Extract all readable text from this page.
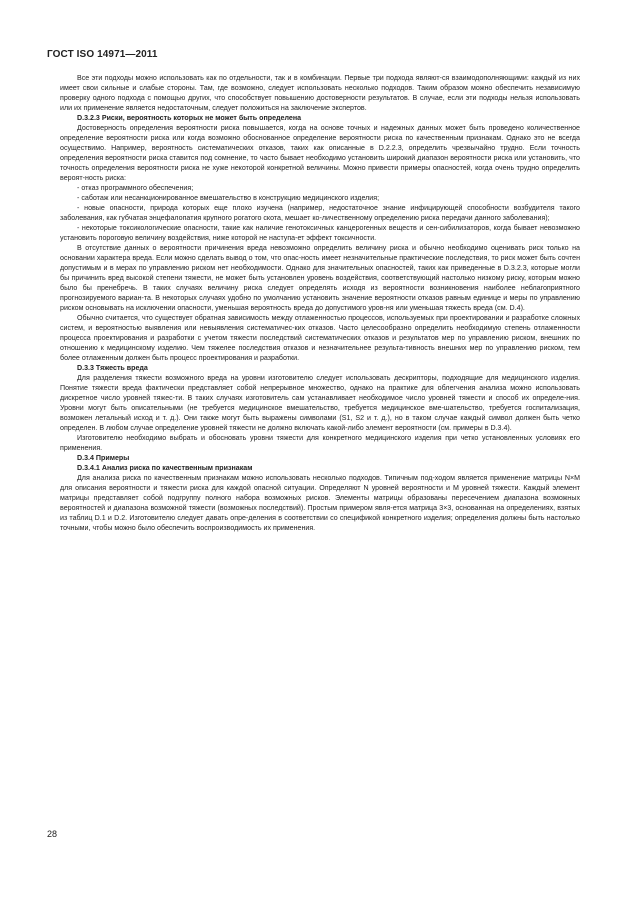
ГОСТ ISO 14971—2011

Все эти подходы можно использовать как по отдельности, так и в комбинации. Первые три подхода являют-ся взаимодополняющими: каждый из них имеет свои сильные и слабые стороны. Там, где возможно, следует использовать несколько подходов. Таким образом можно обеспечить независимую проверку одного подхода с помощью других, что способствует повышению достоверности результатов. В случае, если эти подходы нельзя использовать или их применение является недостаточным, следует положиться на заключение экспертов.

D.3.2.3 Риски, вероятность которых не может быть определена

Достоверность определения вероятности риска повышается, когда на основе точных и надежных данных может быть проведено количественное определение вероятности риска или когда возможно обоснованное определение вероятности риска по качественным признакам. Однако это не всегда осуществимо. Например, вероятность систематических отказов, таких как описанные в D.2.2.3, определить чрезвычайно трудно. Если точность определения вероятности риска ставится под сомнение, то часто бывает необходимо установить широкий диапазон вероятности риска или установить, что точность определения вероятности риска не хуже некоторой конкретной величины. Можно привести примеры опасностей, когда очень трудно определить вероят-ность риска:

- отказ программного обеспечения;

- саботаж или несанкционированное вмешательство в конструкцию медицинского изделия;

- новые опасности, природа которых еще плохо изучена (например, недостаточное знание инфицирующей способности возбудителя такого заболевания, как губчатая энцефалопатия крупного рогатого скота, мешает ко-личественному определению риска передачи данного заболевания);

- некоторые токсикологические опасности, такие как наличие генотоксичных канцерогенных веществ и сен-сибилизаторов, когда бывает невозможно установить пороговую величину воздействия, ниже которой не наступа-ет эффект токсичности.

В отсутствие данных о вероятности причинения вреда невозможно определить величину риска и обычно необходимо оценивать риск только на основании характера вреда. Если можно сделать вывод о том, что опас-ность имеет незначительные практические последствия, то риск может быть сочтен допустимым и в мерах по управлению риском нет необходимости. Однако для значительных опасностей, таких как приведенные в D.3.2.3, которые могли бы причинить вред высокой степени тяжести, не может быть установлен уровень воздействия, соответствующий настолько низкому риску, которым можно было бы пренебречь. В таких случаях величину риска следует определять исходя из вероятности возникновения наиболее неблагоприятного прогнозируемого вариан-та. В некоторых случаях удобно по умолчанию установить значение вероятности отказов равным единице и меры по управлению риском основывать на исключении опасности, уменьшая вероятность вреда до допустимого уров-ня или уменьшая тяжесть вреда (см. D.4).

Обычно считается, что существует обратная зависимость между отлаженностью процессов, используемых при проектировании и разработке сложных систем, и вероятностью выявления или невыявления систематичес-ких отказов. Часто целесообразно определить необходимую степень отлаженности процесса проектирования и разработки с учетом тяжести последствий систематических отказов и результатов мер по управлению риском, внешних по отношению к медицинскому изделию. Чем тяжелее последствия отказов и незначительнее результа-тивность внешних мер по управлению риском, тем более отлаженным должен быть процесс проектирования и разработки.

D.3.3 Тяжесть вреда

Для разделения тяжести возможного вреда на уровни изготовителю следует использовать дескрипторы, подходящие для медицинского изделия. Понятие тяжести вреда фактически представляет собой непрерывное множество, однако на практике для облегчения анализа можно использовать дискретное число уровней тяжес-ти. В таких случаях изготовитель сам устанавливает необходимое число уровней тяжести и способ их определе-ния. Уровни могут быть описательными (не требуется медицинское вмешательство, требуется медицинское вме-шательство, требуется госпитализация, возможен летальный исход и т. д.). Они также могут быть выражены символами (S1, S2 и т. д.), но в таком случае каждый символ должен быть четко определен. В любом случае определение уровней тяжести не должно включать какой-либо элемент вероятности (см. примеры в D.3.4).

Изготовителю необходимо выбрать и обосновать уровни тяжести для конкретного медицинского изделия при четко установленных условиях его применения.

D.3.4 Примеры

D.3.4.1 Анализ риска по качественным признакам

Для анализа риска по качественным признакам можно использовать несколько подходов. Типичным под-ходом является применение матрицы N×M для описания вероятности и тяжести риска для каждой опасной ситуации. Определяют N уровней вероятности и M уровней тяжести. Каждый элемент матрицы представляет собой подгруппу полного набора возможных рисков. Элементы матрицы образованы пересечением диапазона возможных вероятностей и диапазона возможной тяжести (возможных последствий). Простым примером явля-ется матрица 3×3, основанная на определениях, взятых из таблиц D.1 и D.2. Изготовителю следует давать опре-деления в соответствии со спецификой конкретного изделия; определения должны быть настолько точными, чтобы можно было обеспечить воспроизводимость их применения.

28
